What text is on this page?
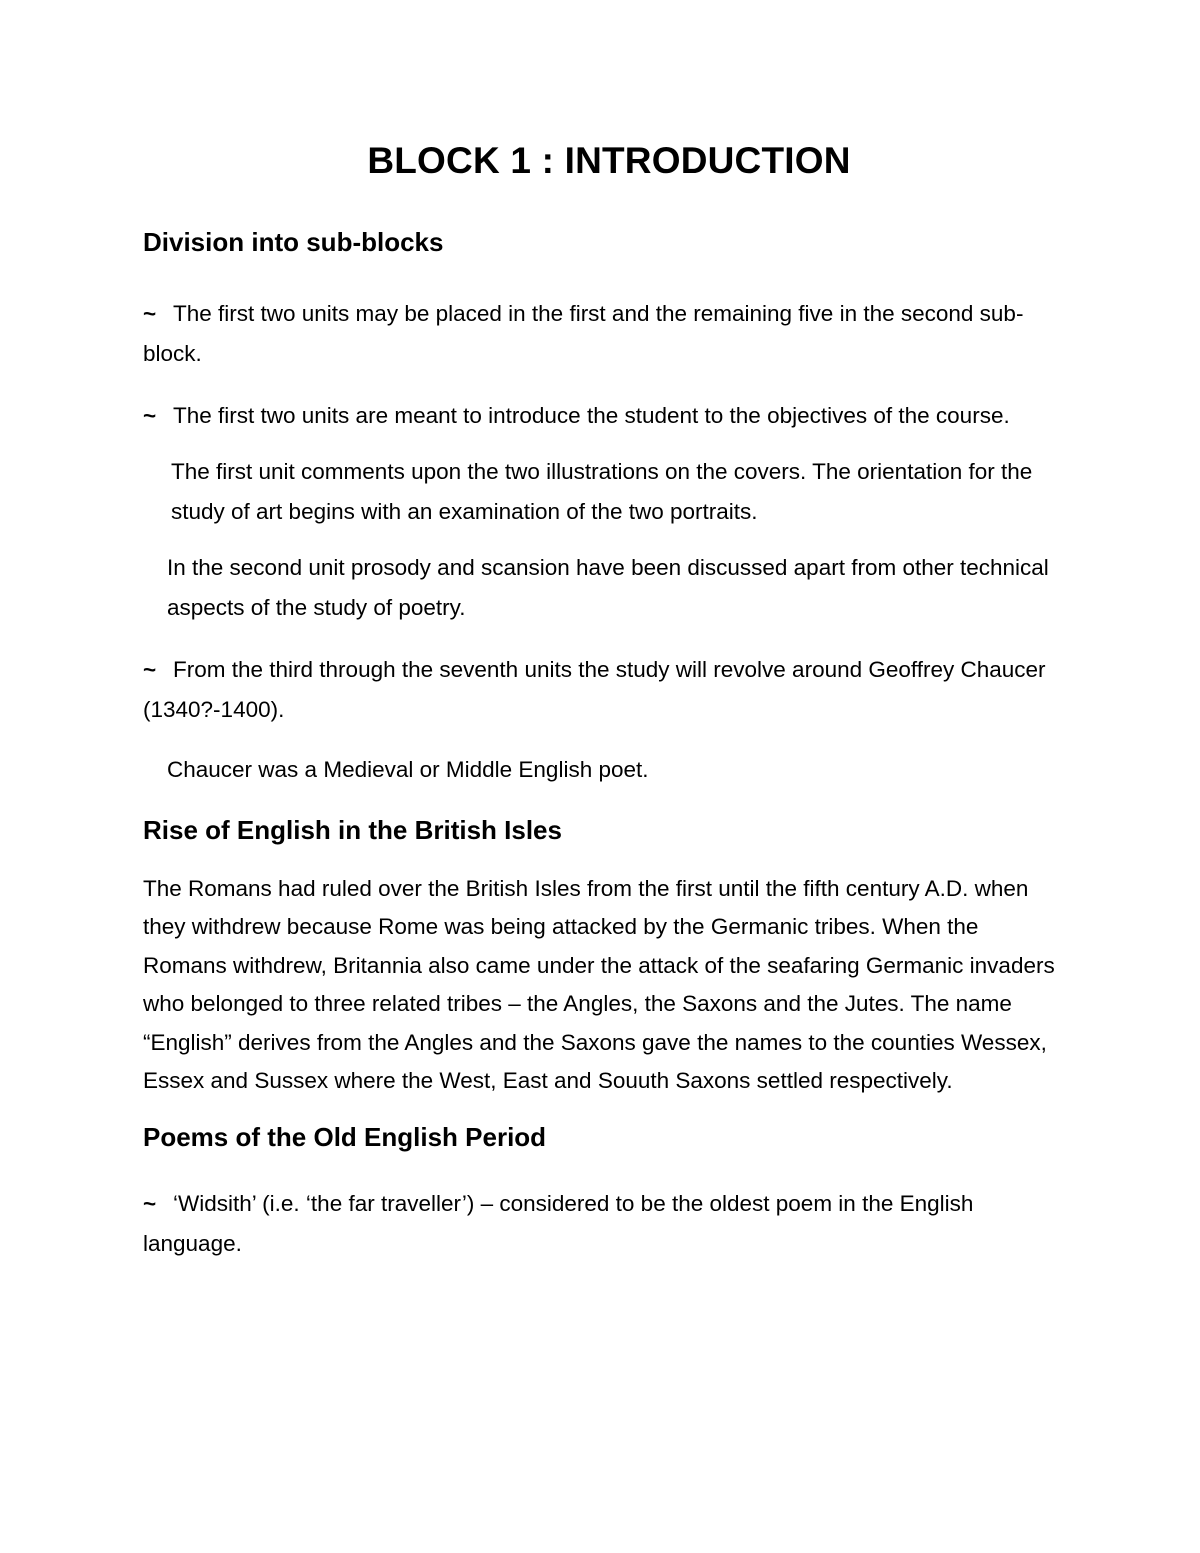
BLOCK 1 : INTRODUCTION
Division into sub-blocks

~ The first two units may be placed in the first and the remaining five in the second sub-block.

~ The first two units are meant to introduce the student to the objectives of the course.

The first unit comments upon the two illustrations on the covers. The orientation for the study of art begins with an examination of the two portraits.

In the second unit prosody and scansion have been discussed apart from other technical aspects of the study of poetry.

~ From the third through the seventh units the study will revolve around Geoffrey Chaucer (1340?-1400).

Chaucer was a Medieval or Middle English poet.

Rise of English in the British Isles

The Romans had ruled over the British Isles from the first until the fifth century A.D. when they withdrew because Rome was being attacked by the Germanic tribes. When the Romans withdrew, Britannia also came under the attack of the seafaring Germanic invaders who belonged to three related tribes – the Angles, the Saxons and the Jutes. The name “English” derives from the Angles and the Saxons gave the names to the counties Wessex, Essex and Sussex where the West, East and Souuth Saxons settled respectively.

Poems of the Old English Period

~ ‘Widsith’ (i.e. ‘the far traveller’) – considered to be the oldest poem in the English language.
